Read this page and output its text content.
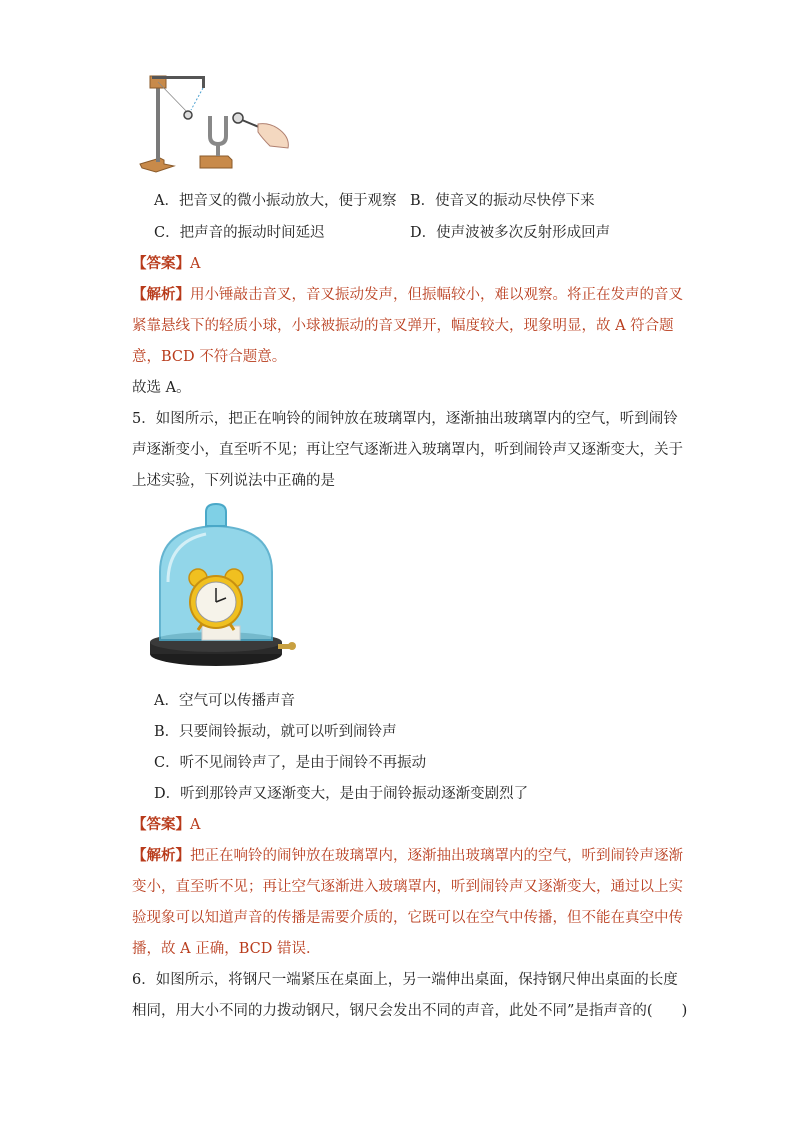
A．把音叉的微小振动放大，便于观察 B．使音叉的振动尽快停下来
C．把声音的振动时间延迟	D．使声波被多次反射形成回声
【答案】A
【解析】用小锤敲击音叉，音叉振动发声，但振幅较小，难以观察。将正在发声的音叉
紧靠悬线下的轻质小球，小球被振动的音叉弹开，幅度较大，现象明显，故 A 符合题
意，BCD 不符合题意。
故选 A。
5．如图所示，把正在响铃的闹钟放在玻璃罩内，逐渐抽出玻璃罩内的空气，听到闹铃
声逐渐变小，直至听不见；再让空气逐渐进入玻璃罩内，听到闹铃声又逐渐变大，关于
上述实验，下列说法中正确的是
A．空气可以传播声音
B．只要闹铃振动，就可以听到闹铃声
C．听不见闹铃声了，是由于闹铃不再振动
D．听到那铃声又逐渐变大，是由于闹铃振动逐渐变剧烈了
【答案】A
【解析】把正在响铃的闹钟放在玻璃罩内，逐渐抽出玻璃罩内的空气，听到闹铃声逐渐
变小，直至听不见；再让空气逐渐进入玻璃罩内，听到闹铃声又逐渐变大，通过以上实
验现象可以知道声音的传播是需要介质的，它既可以在空气中传播，但不能在真空中传
播，故 A 正确，BCD 错误．
6．如图所示，将钢尺一端紧压在桌面上，另一端伸出桌面，保持钢尺伸出桌面的长度
相同，用大小不同的力拨动钢尺，钢尺会发出不同的声音，此处不同”是指声音的(　　)
